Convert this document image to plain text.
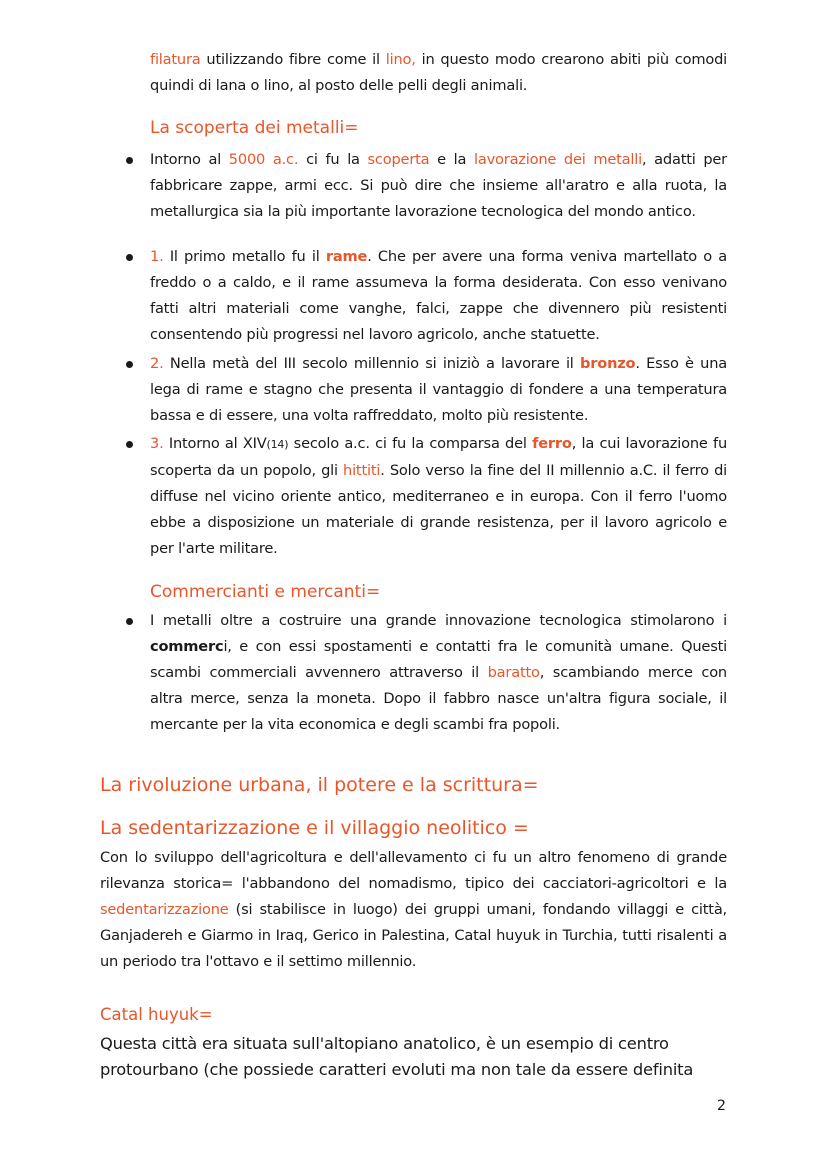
filatura utilizzando fibre come il lino, in questo modo crearono abiti più comodi quindi di lana o lino, al posto delle pelli degli animali.
La scoperta dei metalli=
Intorno al 5000 a.c. ci fu la scoperta e la lavorazione dei metalli, adatti per fabbricare zappe, armi ecc. Si può dire che insieme all'aratro e alla ruota, la metallurgica sia la più importante lavorazione tecnologica del mondo antico.
1. Il primo metallo fu il rame. Che per avere una forma veniva martellato o a freddo o a caldo, e il rame assumeva la forma desiderata. Con esso venivano fatti altri materiali come vanghe, falci, zappe che divennero più resistenti consentendo più progressi nel lavoro agricolo, anche statuette.
2. Nella metà del III secolo millennio si iniziò a lavorare il bronzo. Esso è una lega di rame e stagno che presenta il vantaggio di fondere a una temperatura bassa e di essere, una volta raffreddato, molto più resistente.
3. Intorno al XIV(14) secolo a.c. ci fu la comparsa del ferro, la cui lavorazione fu scoperta da un popolo, gli hittiti. Solo verso la fine del II millennio a.C. il ferro di diffuse nel vicino oriente antico, mediterraneo e in europa. Con il ferro l'uomo ebbe a disposizione un materiale di grande resistenza, per il lavoro agricolo e per l'arte militare.
Commercianti e mercanti=
I metalli oltre a costruire una grande innovazione tecnologica stimolarono i commerci, e con essi spostamenti e contatti fra le comunità umane. Questi scambi commerciali avvennero attraverso il baratto, scambiando merce con altra merce, senza la moneta. Dopo il fabbro nasce un'altra figura sociale, il mercante per la vita economica e degli scambi fra popoli.
La rivoluzione urbana, il potere e la scrittura=
La sedentarizzazione e il villaggio neolitico =
Con lo sviluppo dell'agricoltura e dell'allevamento ci fu un altro fenomeno di grande rilevanza storica= l'abbandono del nomadismo, tipico dei cacciatori-agricoltori e la sedentarizzazione (si stabilisce in luogo) dei gruppi umani, fondando villaggi e città, Ganjadereh e Giarmo in Iraq, Gerico in Palestina, Catal huyuk in Turchia, tutti risalenti a un periodo tra l'ottavo e il settimo millennio.
Catal huyuk=
Questa città era situata sull'altopiano anatolico, è un esempio di centro protourbano (che possiede caratteri evoluti ma non tale da essere definita
2
